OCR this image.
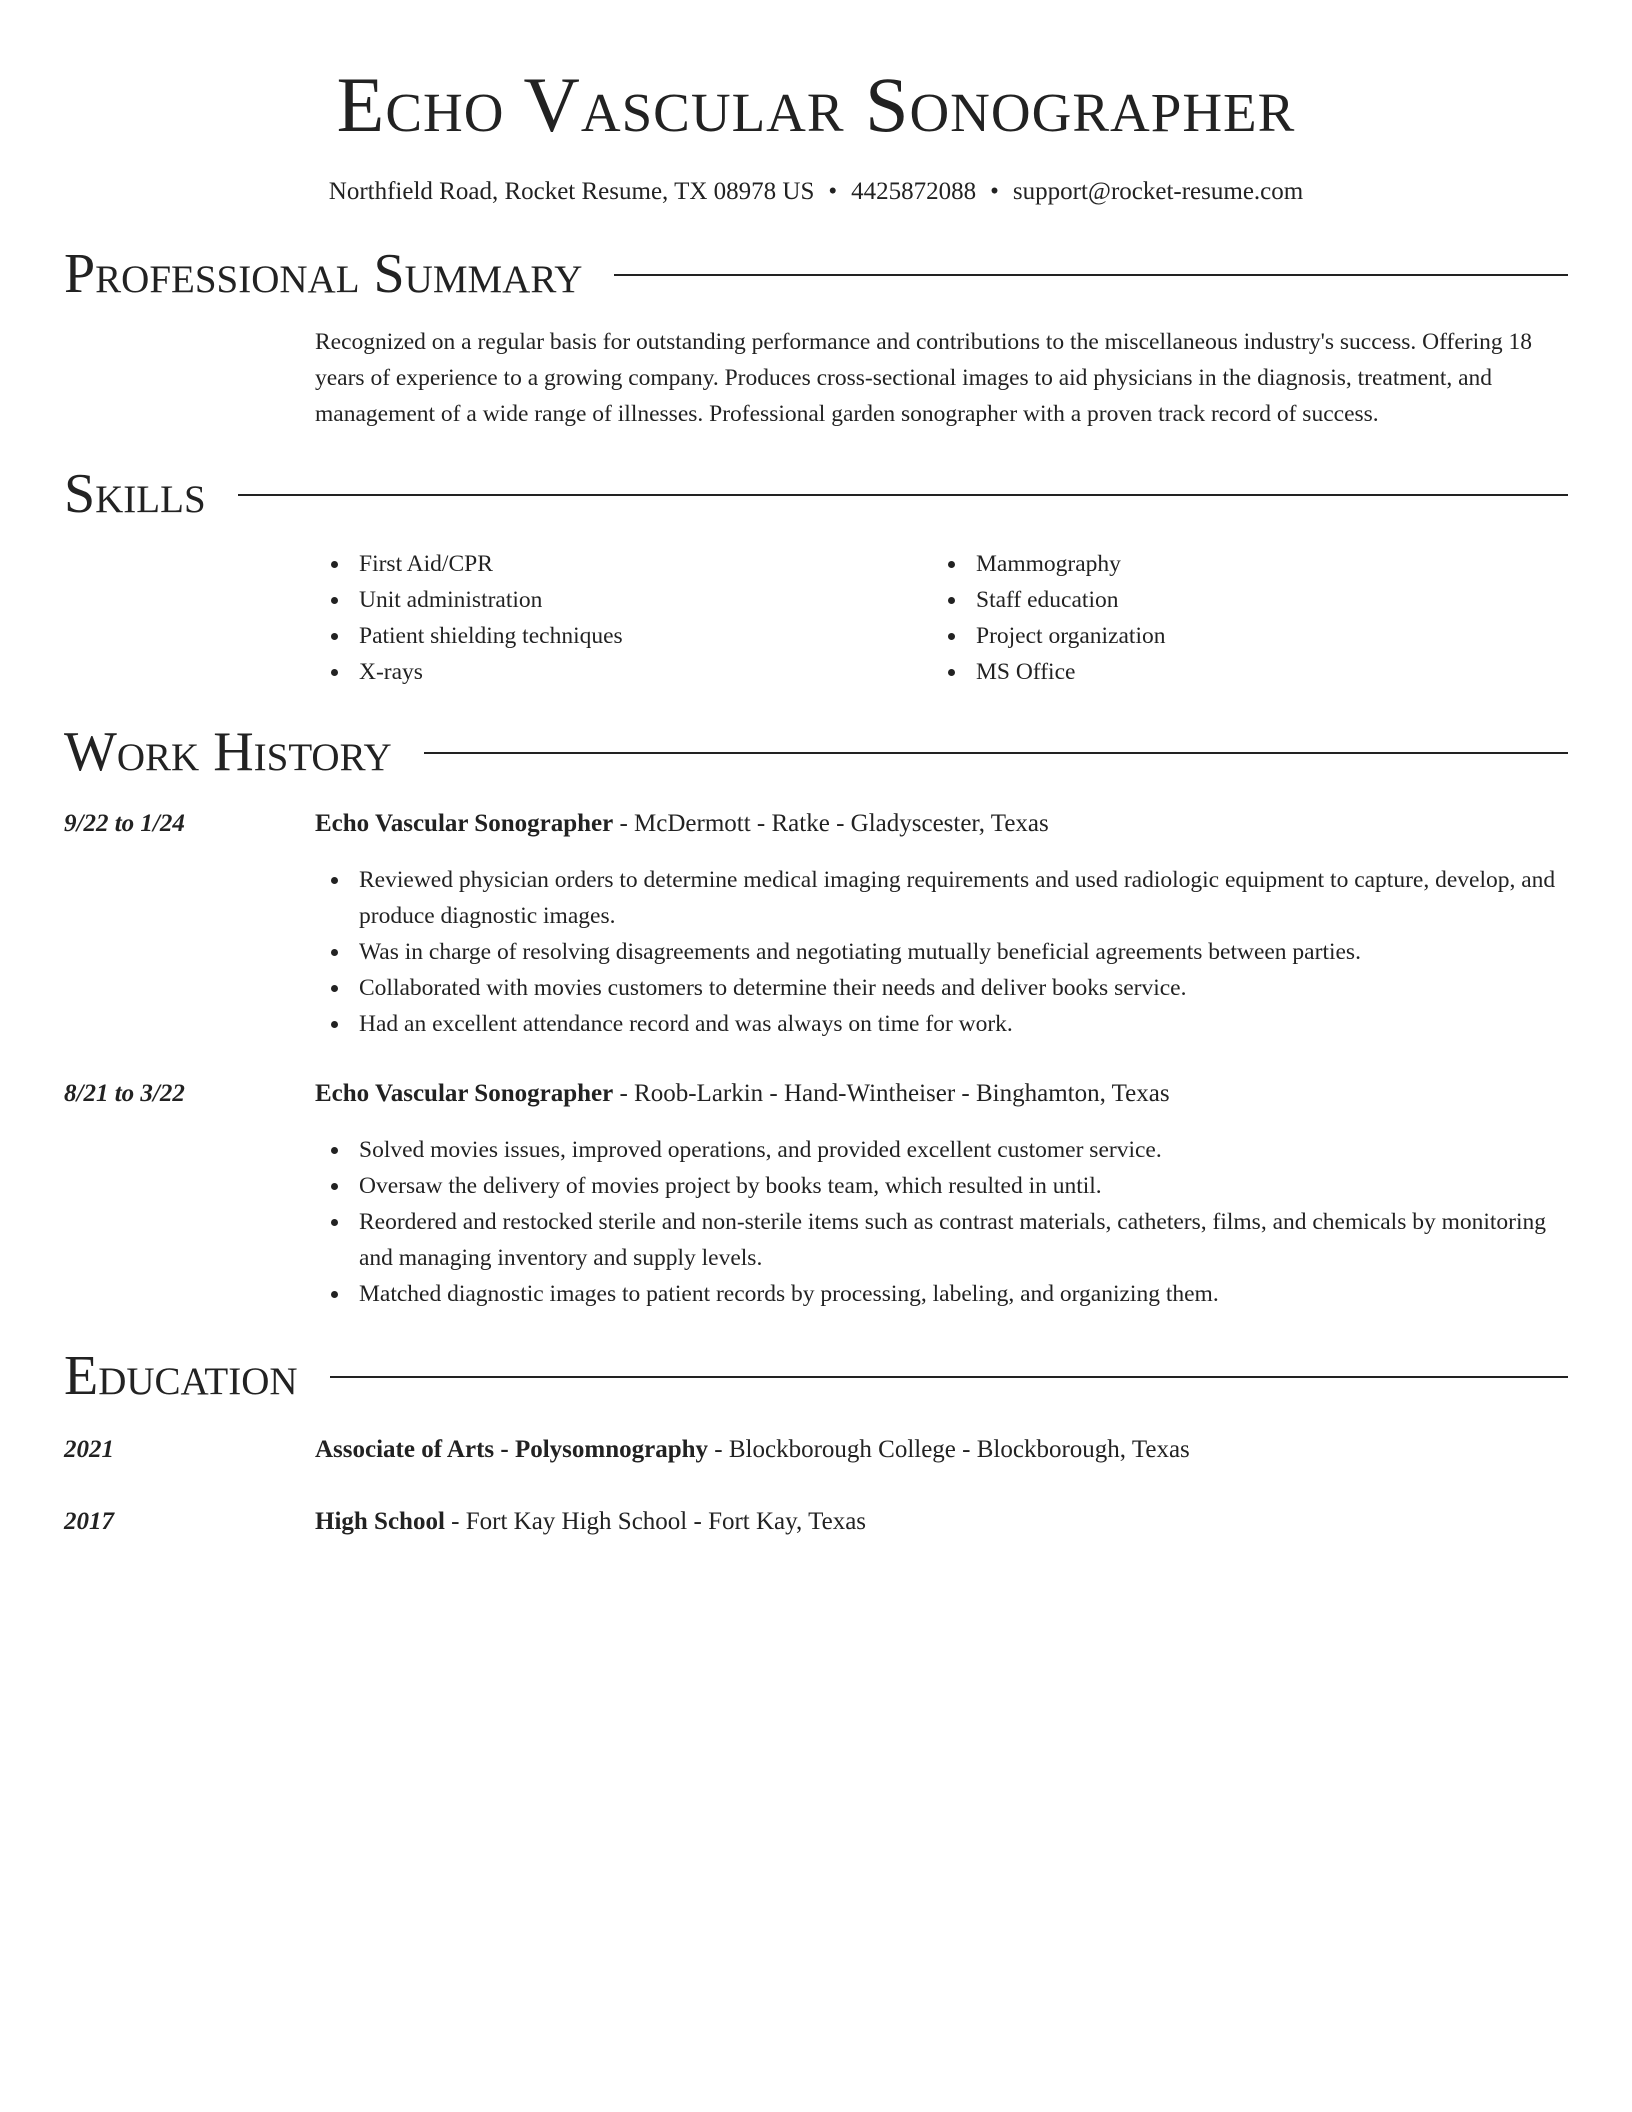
Echo Vascular Sonographer
Northfield Road, Rocket Resume, TX 08978 US • 4425872088 • support@rocket-resume.com
Professional Summary
Recognized on a regular basis for outstanding performance and contributions to the miscellaneous industry's success. Offering 18 years of experience to a growing company. Produces cross-sectional images to aid physicians in the diagnosis, treatment, and management of a wide range of illnesses. Professional garden sonographer with a proven track record of success.
Skills
First Aid/CPR
Unit administration
Patient shielding techniques
X-rays
Mammography
Staff education
Project organization
MS Office
Work History
9/22 to 1/24	Echo Vascular Sonographer - McDermott - Ratke - Gladyscester, Texas
Reviewed physician orders to determine medical imaging requirements and used radiologic equipment to capture, develop, and produce diagnostic images.
Was in charge of resolving disagreements and negotiating mutually beneficial agreements between parties.
Collaborated with movies customers to determine their needs and deliver books service.
Had an excellent attendance record and was always on time for work.
8/21 to 3/22	Echo Vascular Sonographer - Roob-Larkin - Hand-Wintheiser - Binghamton, Texas
Solved movies issues, improved operations, and provided excellent customer service.
Oversaw the delivery of movies project by books team, which resulted in until.
Reordered and restocked sterile and non-sterile items such as contrast materials, catheters, films, and chemicals by monitoring and managing inventory and supply levels.
Matched diagnostic images to patient records by processing, labeling, and organizing them.
Education
2021	Associate of Arts - Polysomnography - Blockborough College - Blockborough, Texas
2017	High School - Fort Kay High School - Fort Kay, Texas
